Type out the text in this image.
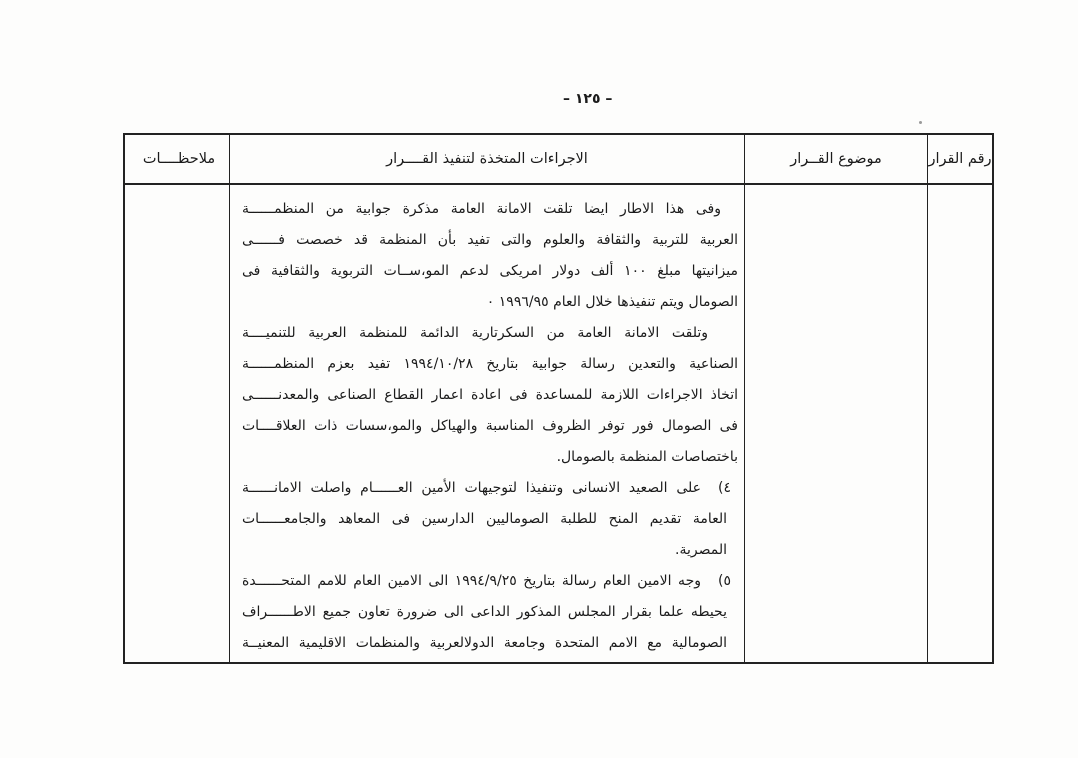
– ١٢٥ –
رقم القرار
موضوع القــرار
الاجراءات المتخذة لتنفيذ القــــرار
ملاحظــــات
وفى هذا الاطار ايضا تلقت الامانة العامة مذكرة جوابية من المنظمــــــة
العربية للتربية والثقافة والعلوم والتى تفيد بأن المنظمة قد خصصت فــــــى
ميزانيتها مبلغ ١٠٠ ألف دولار امريكى لدعم المو،ســات التربوية والثقافية فى
الصومال ويتم تنفيذها خلال العام ١٩٩٦/٩٥ ٠
وتلقت الامانة العامة من السكرتارية الدائمة للمنظمة العربية للتنميــــة
الصناعية والتعدين رسالة جوابية بتاريخ ١٩٩٤/١٠/٢٨ تفيد بعزم المنظمــــــة
اتخاذ الاجراءات اللازمة للمساعدة فى اعادة اعمار القطاع الصناعى والمعدنــــــى
فى الصومال فور توفر الظروف المناسبة والهياكل والمو،سسات ذات العلاقــــات
باختصاصات المنظمة بالصومال.
٤)
على الصعيد الانسانى وتنفيذا لتوجيهات الأمين العــــــام واصلت الامانــــــة
العامة تقديم المنح للطلبة الصوماليين الدارسين فى المعاهد والجامعــــــات
المصرية.
٥)
وجه الامين العام رسالة بتاريخ ١٩٩٤/٩/٢٥ الى الامين العام للامم المتحــــــدة
يحيطه علما بقرار المجلس المذكور الداعى الى ضرورة تعاون جميع الاطــــــراف
الصومالية مع الامم المتحدة وجامعة الدولالعربية والمنظمات الاقليمية المعنيــة
